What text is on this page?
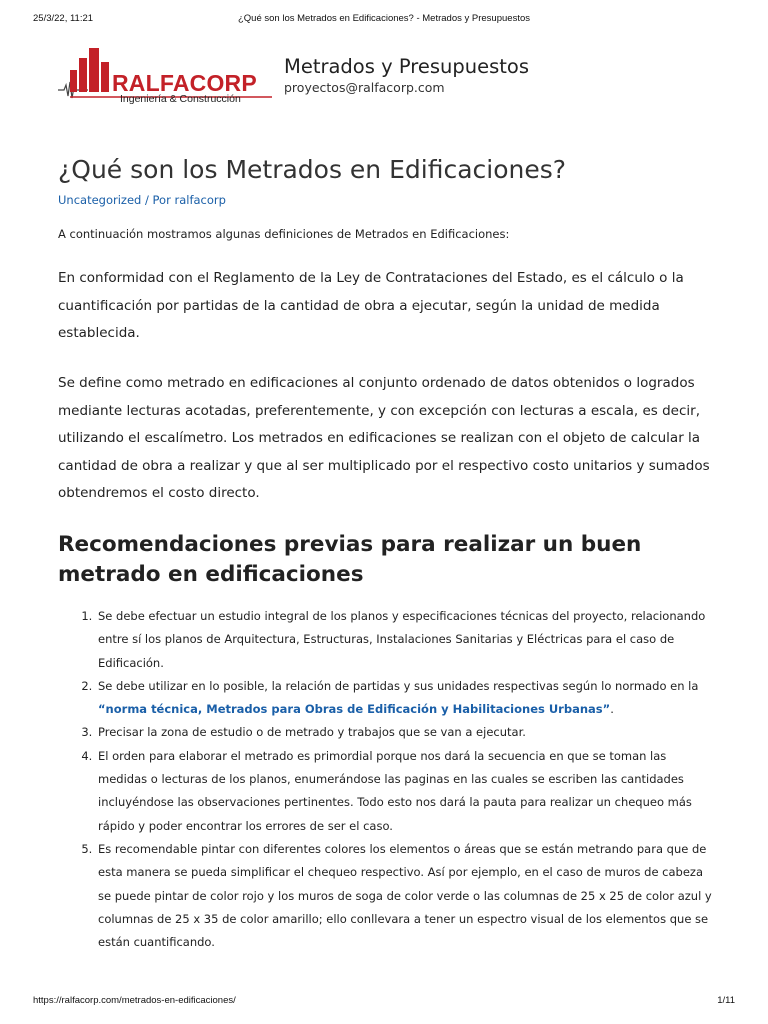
25/3/22, 11:21	¿Qué son los Metrados en Edificaciones? - Metrados y Presupuestos
RALFACORP
Ingeniería & Construcción
Metrados y Presupuestos
proyectos@ralfacorp.com
¿Qué son los Metrados en Edificaciones?
Uncategorized / Por ralfacorp

A continuación mostramos algunas definiciones de Metrados en Edificaciones:

En conformidad con el Reglamento de la Ley de Contrataciones del Estado, es el cálculo o la cuantificación por partidas de la cantidad de obra a ejecutar, según la unidad de medida establecida.

Se define como metrado en edificaciones al conjunto ordenado de datos obtenidos o logrados mediante lecturas acotadas, preferentemente, y con excepción con lecturas a escala, es decir, utilizando el escalímetro. Los metrados en edificaciones se realizan con el objeto de calcular la cantidad de obra a realizar y que al ser multiplicado por el respectivo costo unitarios y sumados obtendremos el costo directo.

Recomendaciones previas para realizar un buen metrado en edificaciones
1. Se debe efectuar un estudio integral de los planos y especificaciones técnicas del proyecto, relacionando entre sí los planos de Arquitectura, Estructuras, Instalaciones Sanitarias y Eléctricas para el caso de Edificación.
2. Se debe utilizar en lo posible, la relación de partidas y sus unidades respectivas según lo normado en la “norma técnica, Metrados para Obras de Edificación y Habilitaciones Urbanas”.
3. Precisar la zona de estudio o de metrado y trabajos que se van a ejecutar.
4. El orden para elaborar el metrado es primordial porque nos dará la secuencia en que se toman las medidas o lecturas de los planos, enumerándose las paginas en las cuales se escriben las cantidades incluyéndose las observaciones pertinentes. Todo esto nos dará la pauta para realizar un chequeo más rápido y poder encontrar los errores de ser el caso.
5. Es recomendable pintar con diferentes colores los elementos o áreas que se están metrando para que de esta manera se pueda simplificar el chequeo respectivo. Así por ejemplo, en el caso de muros de cabeza se puede pintar de color rojo y los muros de soga de color verde o las columnas de 25 x 25 de color azul y columnas de 25 x 35 de color amarillo; ello conllevara a tener un espectro visual de los elementos que se están cuantificando.
https://ralfacorp.com/metrados-en-edificaciones/	1/11
